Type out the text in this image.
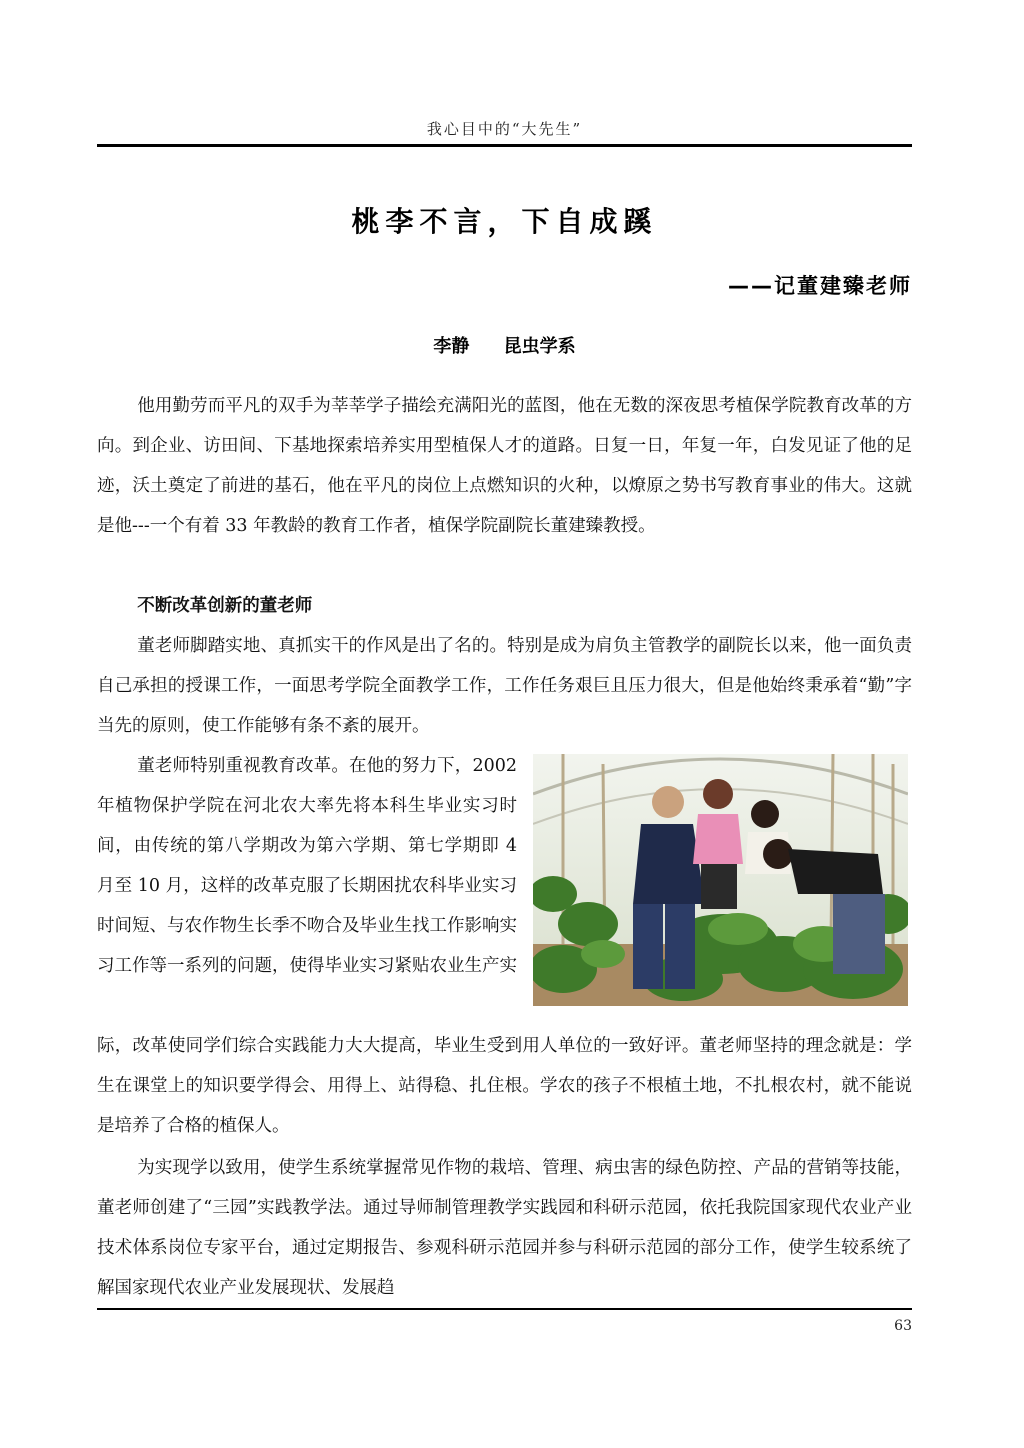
我心目中的“大先生”
桃李不言，下自成蹊
——记董建臻老师
李静 昆虫学系

他用勤劳而平凡的双手为莘莘学子描绘充满阳光的蓝图，他在无数的深夜思考植保学院教育改革的方向。到企业、访田间、下基地探索培养实用型植保人才的道路。日复一日，年复一年，白发见证了他的足迹，沃土奠定了前进的基石，他在平凡的岗位上点燃知识的火种，以燎原之势书写教育事业的伟大。这就是他---一个有着 33 年教龄的教育工作者，植保学院副院长董建臻教授。

不断改革创新的董老师

董老师脚踏实地、真抓实干的作风是出了名的。特别是成为肩负主管教学的副院长以来，他一面负责自己承担的授课工作，一面思考学院全面教学工作，工作任务艰巨且压力很大，但是他始终秉承着“勤”字当先的原则，使工作能够有条不紊的展开。

董老师特别重视教育改革。在他的努力下，2002 年植物保护学院在河北农大率先将本科生毕业实习时间，由传统的第八学期改为第六学期、第七学期即 4 月至 10 月，这样的改革克服了长期困扰农科毕业实习时间短、与农作物生长季不吻合及毕业生找工作影响实习工作等一系列的问题，使得毕业实习紧贴农业生产实

际，改革使同学们综合实践能力大大提高，毕业生受到用人单位的一致好评。董老师坚持的理念就是：学生在课堂上的知识要学得会、用得上、站得稳、扎住根。学农的孩子不根植土地，不扎根农村，就不能说是培养了合格的植保人。

为实现学以致用，使学生系统掌握常见作物的栽培、管理、病虫害的绿色防控、产品的营销等技能，董老师创建了“三园”实践教学法。通过导师制管理教学实践园和科研示范园，依托我院国家现代农业产业技术体系岗位专家平台，通过定期报告、参观科研示范园并参与科研示范园的部分工作，使学生较系统了解国家现代农业产业发展现状、发展趋

63
